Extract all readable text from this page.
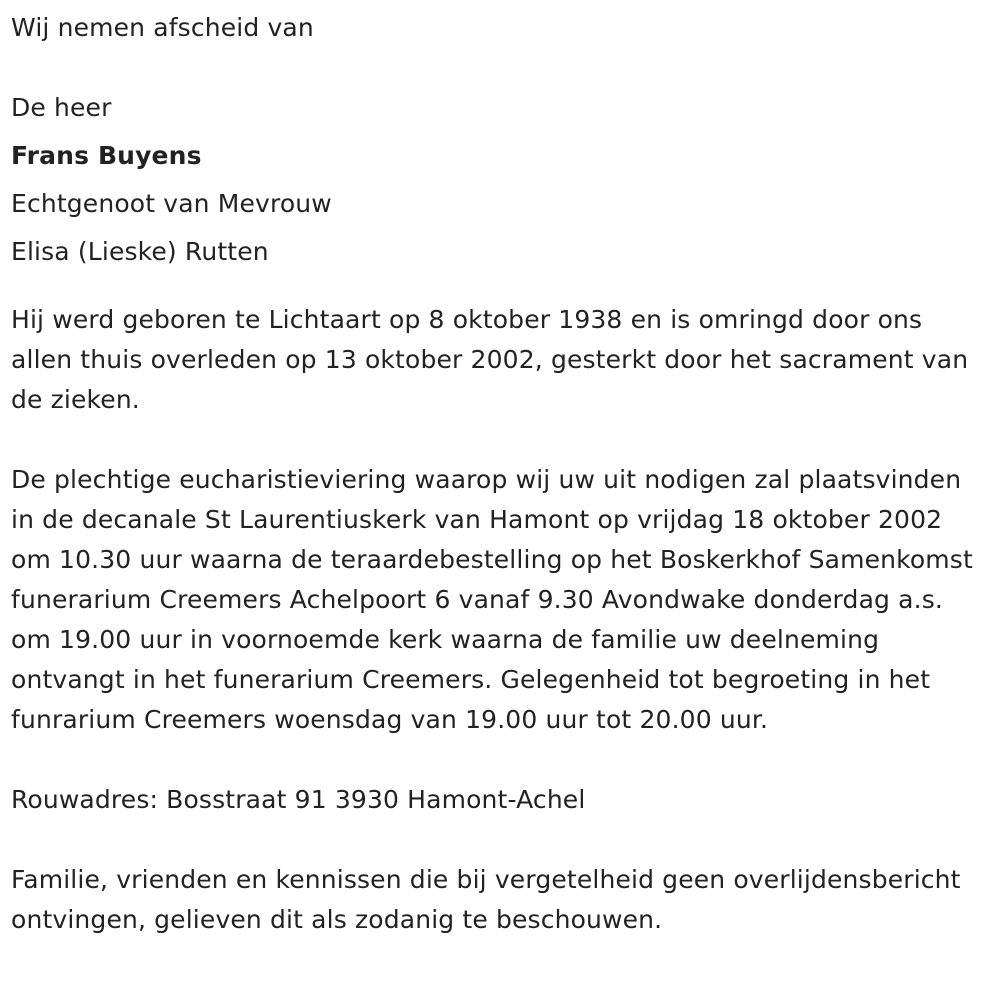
Wij nemen afscheid van
De heer
Frans Buyens
Echtgenoot van Mevrouw
Elisa (Lieske) Rutten
Hij werd geboren te Lichtaart op 8 oktober 1938 en is omringd door ons allen thuis overleden op 13 oktober 2002, gesterkt door het sacrament van de zieken.
De plechtige eucharistieviering waarop wij uw uit nodigen zal plaatsvinden in de decanale St Laurentiuskerk van Hamont op vrijdag 18 oktober 2002 om 10.30 uur waarna de teraardebestelling op het Boskerkhof Samenkomst funerarium Creemers Achelpoort 6 vanaf 9.30 Avondwake donderdag a.s. om 19.00 uur in voornoemde kerk waarna de familie uw deelneming ontvangt in het funerarium Creemers. Gelegenheid tot begroeting in het funrarium Creemers woensdag van 19.00 uur tot 20.00 uur.
Rouwadres: Bosstraat 91 3930 Hamont-Achel
Familie, vrienden en kennissen die bij vergetelheid geen overlijdensbericht ontvingen, gelieven dit als zodanig te beschouwen.
